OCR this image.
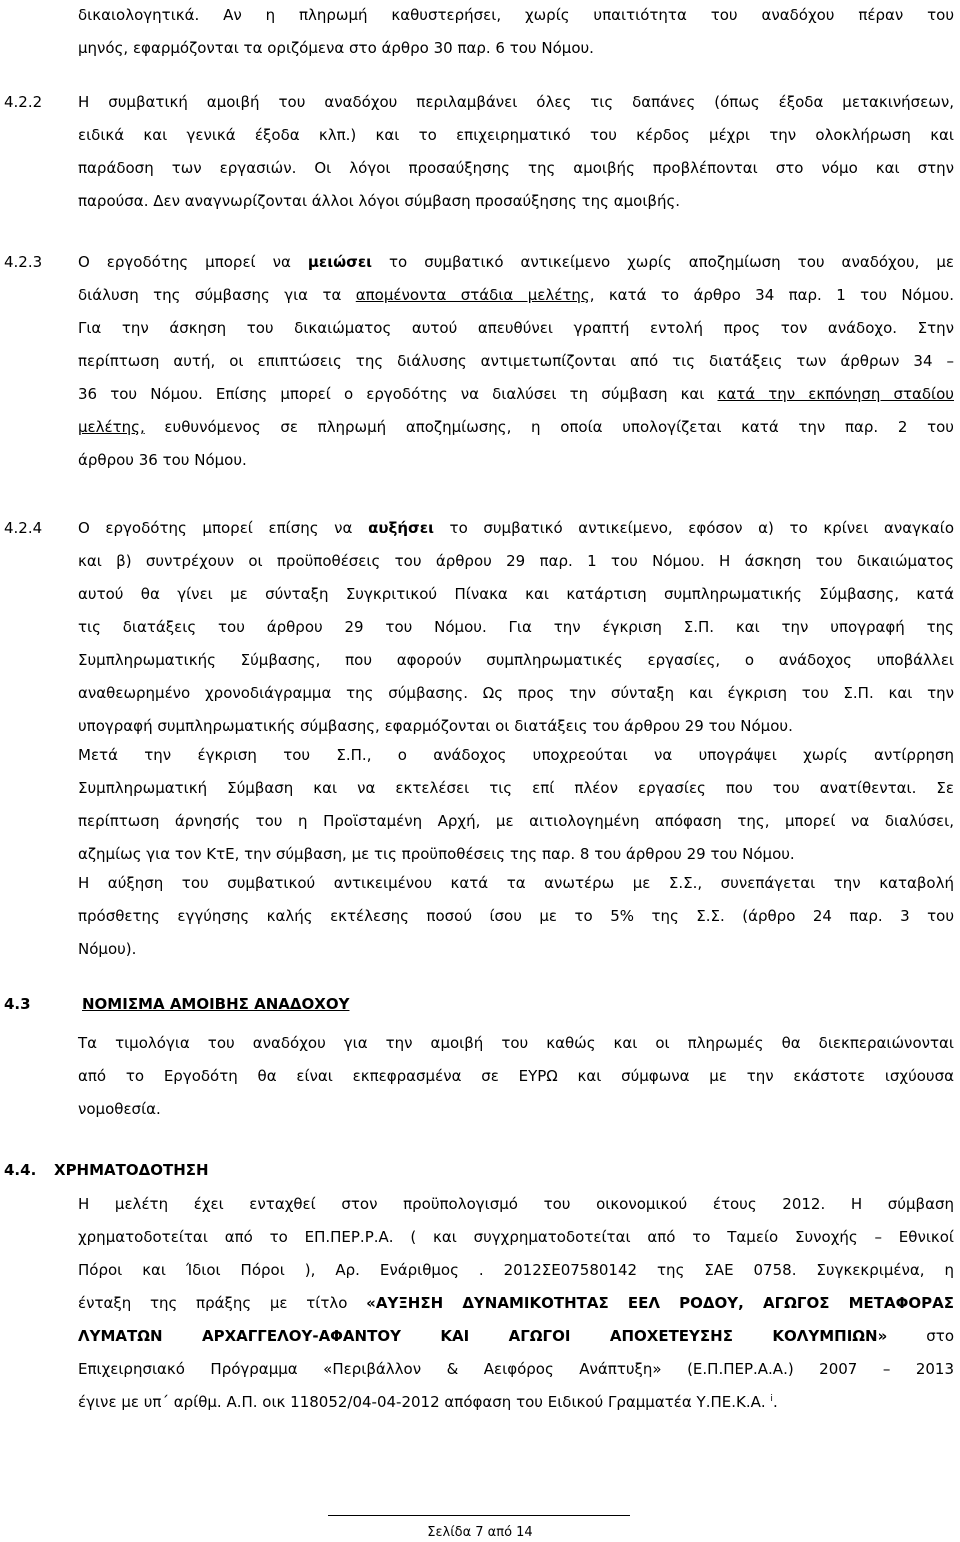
δικαιολογητικά. Αν η πληρωμή καθυστερήσει, χωρίς υπαιτιότητα του αναδόχου πέραν του
μηνός, εφαρμόζονται τα οριζόμενα στο άρθρο 30 παρ. 6 του Νόμου.
4.2.2 Η συμβατική αμοιβή του αναδόχου περιλαμβάνει όλες τις δαπάνες (όπως έξοδα μετακινήσεων,
ειδικά και γενικά έξοδα κλπ.) και το επιχειρηματικό του κέρδος μέχρι την ολοκλήρωση και
παράδοση των εργασιών. Οι λόγοι προσαύξησης της αμοιβής προβλέπονται στο νόμο και στην
παρούσα. Δεν αναγνωρίζονται άλλοι λόγοι σύμβαση προσαύξησης της αμοιβής.
4.2.3 Ο εργοδότης μπορεί να μειώσει το συμβατικό αντικείμενο χωρίς αποζημίωση του αναδόχου, με
διάλυση της σύμβασης για τα απομένοντα στάδια μελέτης, κατά το άρθρο 34 παρ. 1 του Νόμου.
Για την άσκηση του δικαιώματος αυτού απευθύνει γραπτή εντολή προς τον ανάδοχο. Στην
περίπτωση αυτή, οι επιπτώσεις της διάλυσης αντιμετωπίζονται από τις διατάξεις των άρθρων 34 –
36 του Νόμου. Επίσης μπορεί ο εργοδότης να διαλύσει τη σύμβαση και κατά την εκπόνηση σταδίου
μελέτης, ευθυνόμενος σε πληρωμή αποζημίωσης, η οποία υπολογίζεται κατά την παρ. 2 του
άρθρου 36 του Νόμου.
4.2.4 Ο εργοδότης μπορεί επίσης να αυξήσει το συμβατικό αντικείμενο, εφόσον α) το κρίνει αναγκαίο
και β) συντρέχουν οι προϋποθέσεις του άρθρου 29 παρ. 1 του Νόμου. Η άσκηση του δικαιώματος
αυτού θα γίνει με σύνταξη Συγκριτικού Πίνακα και κατάρτιση συμπληρωματικής Σύμβασης, κατά
τις διατάξεις του άρθρου 29 του Νόμου. Για την έγκριση Σ.Π. και την υπογραφή της
Συμπληρωματικής Σύμβασης, που αφορούν συμπληρωματικές εργασίες, ο ανάδοχος υποβάλλει
αναθεωρημένο χρονοδιάγραμμα της σύμβασης. Ως προς την σύνταξη και έγκριση του Σ.Π. και την
υπογραφή συμπληρωματικής σύμβασης, εφαρμόζονται οι διατάξεις του άρθρου 29 του Νόμου.
Μετά την έγκριση του Σ.Π., ο ανάδοχος υποχρεούται να υπογράψει χωρίς αντίρρηση
Συμπληρωματική Σύμβαση και να εκτελέσει τις επί πλέον εργασίες που του ανατίθενται. Σε
περίπτωση άρνησής του η Προϊσταμένη Αρχή, με αιτιολογημένη απόφαση της, μπορεί να διαλύσει,
αζημίως για τον ΚτΕ, την σύμβαση, με τις προϋποθέσεις της παρ. 8 του άρθρου 29 του Νόμου.
Η αύξηση του συμβατικού αντικειμένου κατά τα ανωτέρω με Σ.Σ., συνεπάγεται την καταβολή
πρόσθετης εγγύησης καλής εκτέλεσης ποσού ίσου με το 5% της Σ.Σ. (άρθρο 24 παρ. 3 του
Νόμου).
4.3	ΝΟΜΙΣΜΑ ΑΜΟΙΒΗΣ ΑΝΑΔΟΧΟΥ
Τα τιμολόγια του αναδόχου για την αμοιβή του καθώς και οι πληρωμές θα διεκπεραιώνονται
από το Εργοδότη θα είναι εκπεφρασμένα σε ΕΥΡΩ και σύμφωνα με την εκάστοτε ισχύουσα
νομοθεσία.
4.4. ΧΡΗΜΑΤΟΔΟΤΗΣΗ
Η μελέτη έχει ενταχθεί στον προϋπολογισμό του οικονομικού έτους 2012. Η σύμβαση
χρηματοδοτείται από το ΕΠ.ΠΕΡ.Ρ.Α. ( και συγχρηματοδοτείται από το Ταμείο Συνοχής – Εθνικοί
Πόροι και Ίδιοι Πόροι ), Αρ. Ενάριθμος . 2012ΣΕ07580142 της ΣΑΕ 0758. Συγκεκριμένα, η
ένταξη της πράξης με τίτλο «ΑΥΞΗΣΗ ΔΥΝΑΜΙΚΟΤΗΤΑΣ ΕΕΛ ΡΟΔΟΥ, ΑΓΩΓΟΣ ΜΕΤΑΦΟΡΑΣ
ΛΥΜΑΤΩΝ ΑΡΧΑΓΓΕΛΟΥ-ΑΦΑΝΤΟΥ ΚΑΙ ΑΓΩΓΟΙ ΑΠΟΧΕΤΕΥΣΗΣ ΚΟΛΥΜΠΙΩΝ» στο
Επιχειρησιακό Πρόγραμμα «Περιβάλλον & Αειφόρος Ανάπτυξη» (Ε.Π.ΠΕΡ.Α.Α.) 2007 – 2013
έγινε με υπ΄ αρίθμ. Α.Π. οικ 118052/04-04-2012 απόφαση του Ειδικού Γραμματέα Υ.ΠΕ.Κ.Α. $^i$.
Σελίδα 7 από 14
